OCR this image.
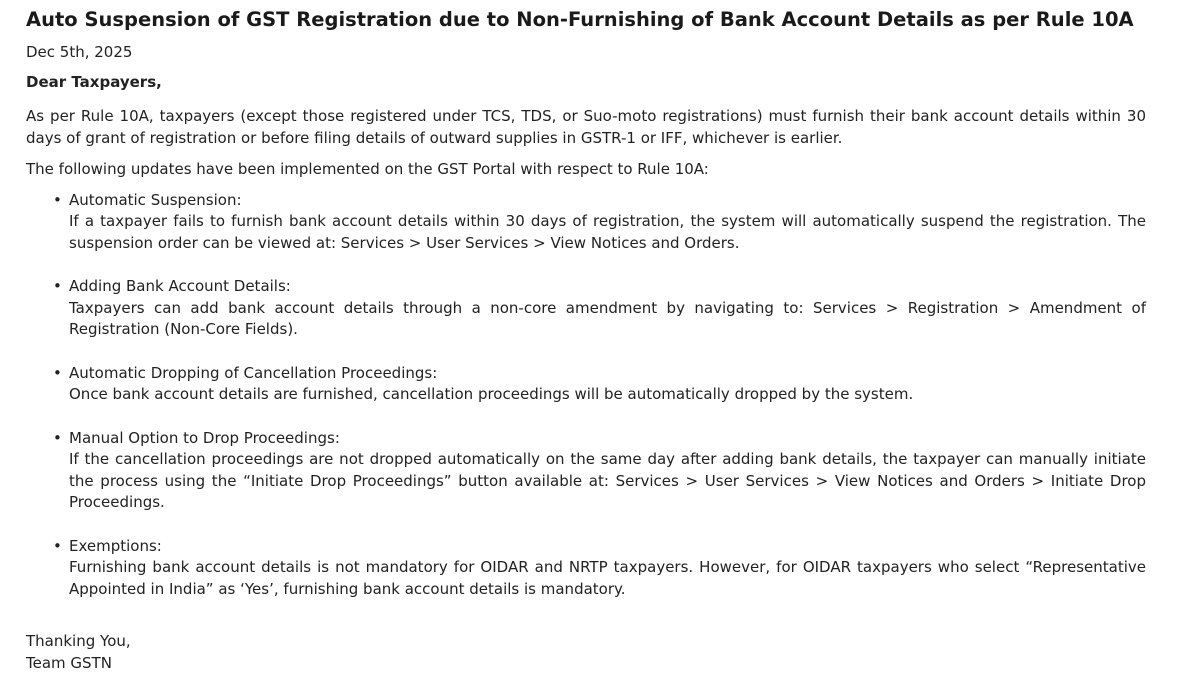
Auto Suspension of GST Registration due to Non-Furnishing of Bank Account Details as per Rule 10A
Dec 5th, 2025
Dear Taxpayers,
As per Rule 10A, taxpayers (except those registered under TCS, TDS, or Suo-moto registrations) must furnish their bank account details within 30 days of grant of registration or before filing details of outward supplies in GSTR-1 or IFF, whichever is earlier.
The following updates have been implemented on the GST Portal with respect to Rule 10A:
• Automatic Suspension:
If a taxpayer fails to furnish bank account details within 30 days of registration, the system will automatically suspend the registration. The suspension order can be viewed at: Services > User Services > View Notices and Orders.
• Adding Bank Account Details:
Taxpayers can add bank account details through a non-core amendment by navigating to: Services > Registration > Amendment of Registration (Non-Core Fields).
• Automatic Dropping of Cancellation Proceedings:
Once bank account details are furnished, cancellation proceedings will be automatically dropped by the system.
• Manual Option to Drop Proceedings:
If the cancellation proceedings are not dropped automatically on the same day after adding bank details, the taxpayer can manually initiate the process using the “Initiate Drop Proceedings” button available at: Services > User Services > View Notices and Orders > Initiate Drop Proceedings.
• Exemptions:
Furnishing bank account details is not mandatory for OIDAR and NRTP taxpayers. However, for OIDAR taxpayers who select “Representative Appointed in India” as ‘Yes’, furnishing bank account details is mandatory.
Thanking You,
Team GSTN
